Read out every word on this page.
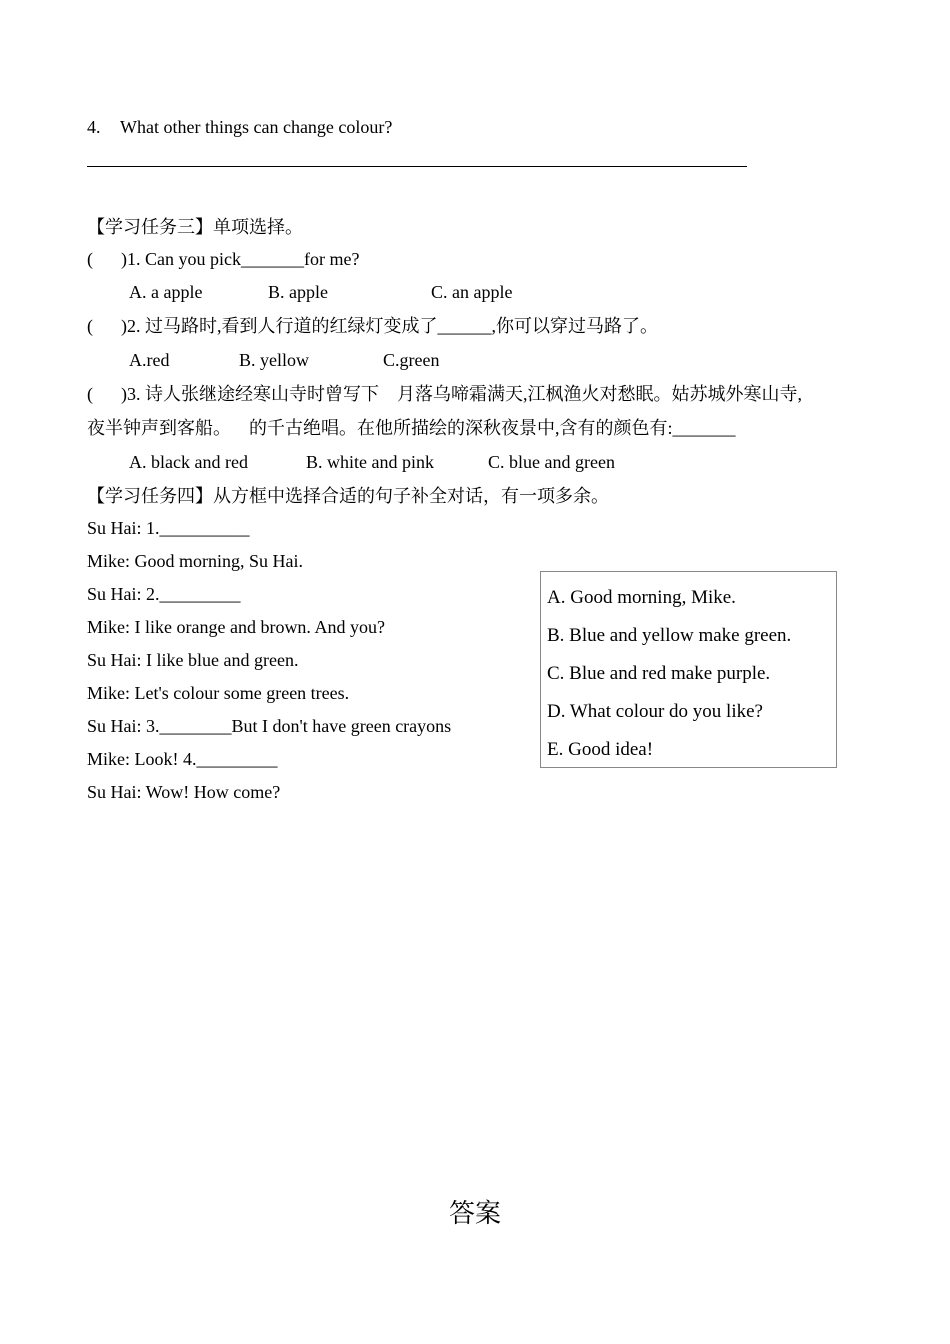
4. What other things can change colour?
【学习任务三】单项选择。
( )1. Can you pick_______for me?
A. a apple	B. apple	C. an apple
( )2. 过马路时,看到人行道的红绿灯变成了______,你可以穿过马路了。
A.red	B. yellow	C.green
( )3. 诗人张继途经寒山寺时曾写下    月落乌啼霜满天,江枫渔火对愁眠。姑苏城外寒山寺,
夜半钟声到客船。    的千古绝唱。在他所描绘的深秋夜景中,含有的颜色有:_______
A. black and red	B. white and pink	C. blue and green
【学习任务四】从方框中选择合适的句子补全对话，有一项多余。
Su Hai: 1.__________
Mike: Good morning, Su Hai.
Su Hai: 2._________
Mike: I like orange and brown. And you?
Su Hai: I like blue and green.
Mike: Let's colour some green trees.
Su Hai: 3.________But I don't have green crayons
Mike: Look! 4._________
Su Hai: Wow! How come?
A. Good morning, Mike.
B. Blue and yellow make green.
C. Blue and red make purple.
D. What colour do you like?
E. Good idea!
答案
